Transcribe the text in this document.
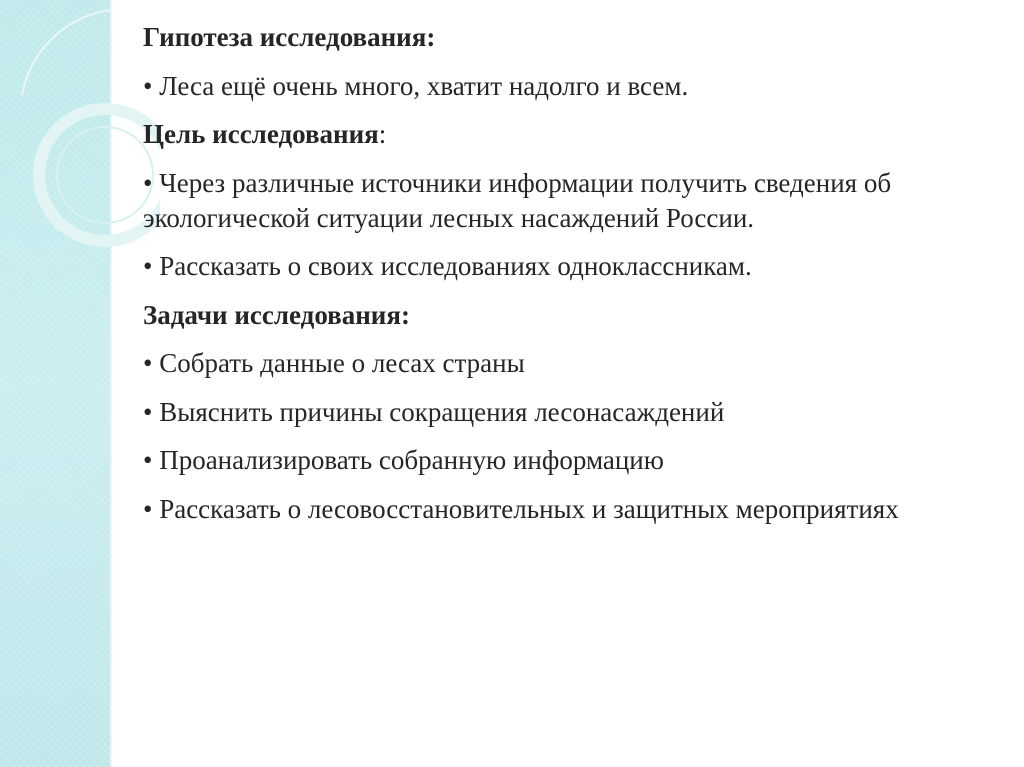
Гипотеза исследования:

• Леса ещё очень много, хватит надолго и всем.

Цель исследования:

• Через различные источники информации получить сведения об экологической ситуации лесных насаждений России.

• Рассказать о своих исследованиях одноклассникам.

Задачи исследования:

• Собрать данные о лесах страны

• Выяснить причины сокращения лесонасаждений

• Проанализировать собранную информацию

• Рассказать о лесовосстановительных и защитных мероприятиях
